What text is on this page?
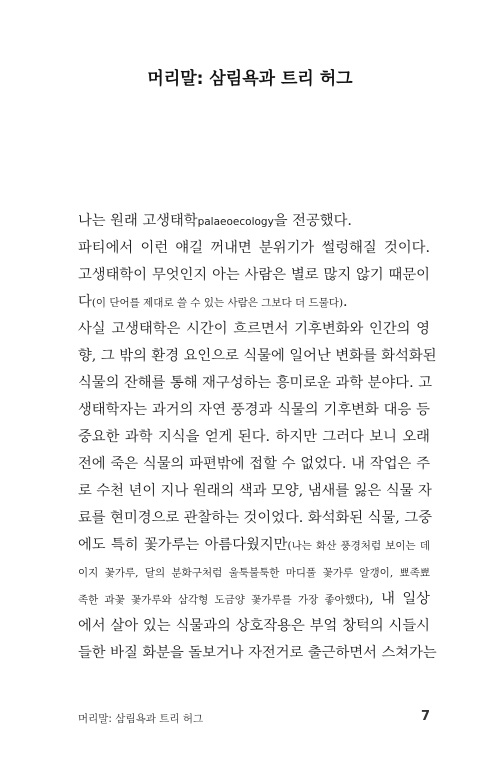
머리말: 삼림욕과 트리 허그
나는 원래 고생태학palaeoecology을 전공했다.
파티에서 이런 얘길 꺼내면 분위기가 썰렁해질 것이다.
고생태학이 무엇인지 아는 사람은 별로 많지 않기 때문이
다(이 단어를 제대로 쓸 수 있는 사람은 그보다 더 드물다).
사실 고생태학은 시간이 흐르면서 기후변화와 인간의 영
향, 그 밖의 환경 요인으로 식물에 일어난 변화를 화석화된
식물의 잔해를 통해 재구성하는 흥미로운 과학 분야다. 고
생태학자는 과거의 자연 풍경과 식물의 기후변화 대응 등
중요한 과학 지식을 얻게 된다. 하지만 그러다 보니 오래
전에 죽은 식물의 파편밖에 접할 수 없었다. 내 작업은 주
로 수천 년이 지나 원래의 색과 모양, 냄새를 잃은 식물 자
료를 현미경으로 관찰하는 것이었다. 화석화된 식물, 그중
에도 특히 꽃가루는 아름다웠지만(나는 화산 풍경처럼 보이는 데
이지 꽃가루, 달의 분화구처럼 울툭불툭한 마디풀 꽃가루 알갱이, 뾰족뾰
족한 과꽃 꽃가루와 삼각형 도금양 꽃가루를 가장 좋아했다), 내 일상
에서 살아 있는 식물과의 상호작용은 부엌 창턱의 시들시
들한 바질 화분을 돌보거나 자전거로 출근하면서 스쳐가는
머리말: 삼림욕과 트리 허그	7
